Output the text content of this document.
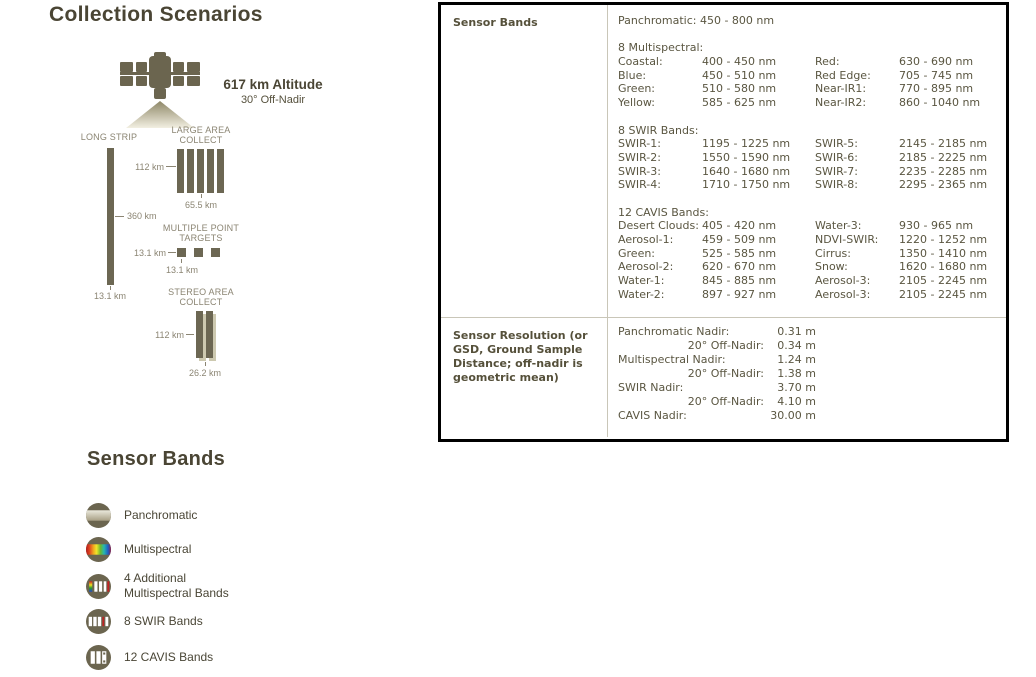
Collection Scenarios
617 km Altitude
30° Off-Nadir
LONG STRIP
360 km
13.1 km
LARGE AREA
COLLECT
112 km
65.5 km
MULTIPLE POINT
TARGETS
13.1 km
13.1 km
STEREO AREA
COLLECT
112 km
26.2 km
Sensor Bands
Panchromatic
Multispectral
4 Additional
Multispectral Bands
8 SWIR Bands
12 CAVIS Bands
Sensor Bands	Panchromatic: 450 - 800 nm
8 Multispectral:
Coastal:	400 - 450 nm	Red:	630 - 690 nm
Blue:	450 - 510 nm	Red Edge:	705 - 745 nm
Green:	510 - 580 nm	Near-IR1:	770 - 895 nm
Yellow:	585 - 625 nm	Near-IR2:	860 - 1040 nm
8 SWIR Bands:
SWIR-1:	1195 - 1225 nm	SWIR-5:	2145 - 2185 nm
SWIR-2:	1550 - 1590 nm	SWIR-6:	2185 - 2225 nm
SWIR-3:	1640 - 1680 nm	SWIR-7:	2235 - 2285 nm
SWIR-4:	1710 - 1750 nm	SWIR-8:	2295 - 2365 nm
12 CAVIS Bands:
Desert Clouds: 405 - 420 nm	Water-3:	930 - 965 nm
Aerosol-1:	459 - 509 nm	NDVI-SWIR:	1220 - 1252 nm
Green:	525 - 585 nm	Cirrus:	1350 - 1410 nm
Aerosol-2:	620 - 670 nm	Snow:	1620 - 1680 nm
Water-1:	845 - 885 nm	Aerosol-3:	2105 - 2245 nm
Water-2:	897 - 927 nm	Aerosol-3:	2105 - 2245 nm
Sensor Resolution (or GSD, Ground Sample Distance; off-nadir is geometric mean)
Panchromatic Nadir:	0.31 m
20° Off-Nadir:	0.34 m
Multispectral Nadir:	1.24 m
20° Off-Nadir:	1.38 m
SWIR Nadir:	3.70 m
20° Off-Nadir:	4.10 m
CAVIS Nadir:	30.00 m
